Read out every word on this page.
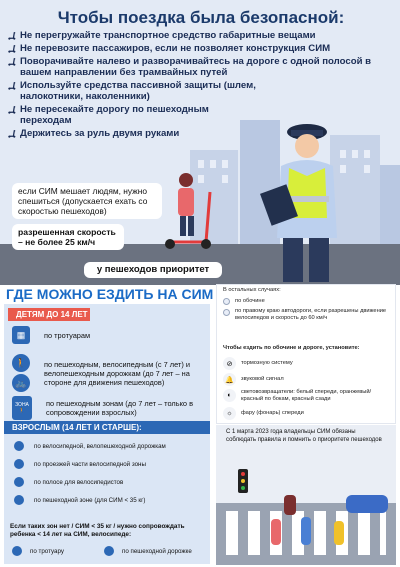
Чтобы поездка была безопасной:
Не перегружайте транспортное средство габаритные вещами
Не перевозите пассажиров, если не позволяет конструкция СИМ
Поворачивайте налево и разворачивайтесь на дороге с одной полосой в вашем направлении без трамвайных путей
Используйте средства пассивной защиты (шлем, налокотники, наколенники)
Не пересекайте дорогу по пешеходным переходам
Держитесь за руль двумя руками
если СИМ мешает людям, нужно спешиться (допускается ехать со скоростью пешеходов)
разрешенная скорость – не более 25 км/ч
у пешеходов приоритет
ГДЕ МОЖНО ЕЗДИТЬ НА СИМ
ДЕТЯМ ДО 14 ЛЕТ
▦	по тротуарам
🚶
🚲
по пешеходным, велосипедным (с 7 лет) и велопешеходным дорожкам (до 7 лет – на стороне для движения пешеходов)
ЗОНА
🚶
по пешеходным зонам (до 7 лет – только в сопровождении взрослых)
ВЗРОСЛЫМ (14 ЛЕТ И СТАРШЕ):
по велосипедной, велопешеходной дорожкам
по проезжей части велосипедной зоны
по полосе для велосипедистов
по пешеходной зоне (для СИМ < 35 кг)
Если таких зон нет / СИМ < 35 кг / нужно сопровождать ребенка < 14 лет на СИМ, велосипеде:
по тротуару	по пешеходной дорожке
В остальных случаях:
по обочине
по правому краю автодороги, если разрешены движение велосипедов и скорость до 60 км/ч
Чтобы ездить по обочине и дороге, установите:
⊘	тормозную систему
🔔	звуковой сигнал
◐	световозвращатели: белый спереди, оранжевый/красный по бокам, красный сзади
☼	фару (фонарь) спереди
С 1 марта 2023 года владельцы СИМ обязаны соблюдать правила и помнить о приоритете пешеходов
